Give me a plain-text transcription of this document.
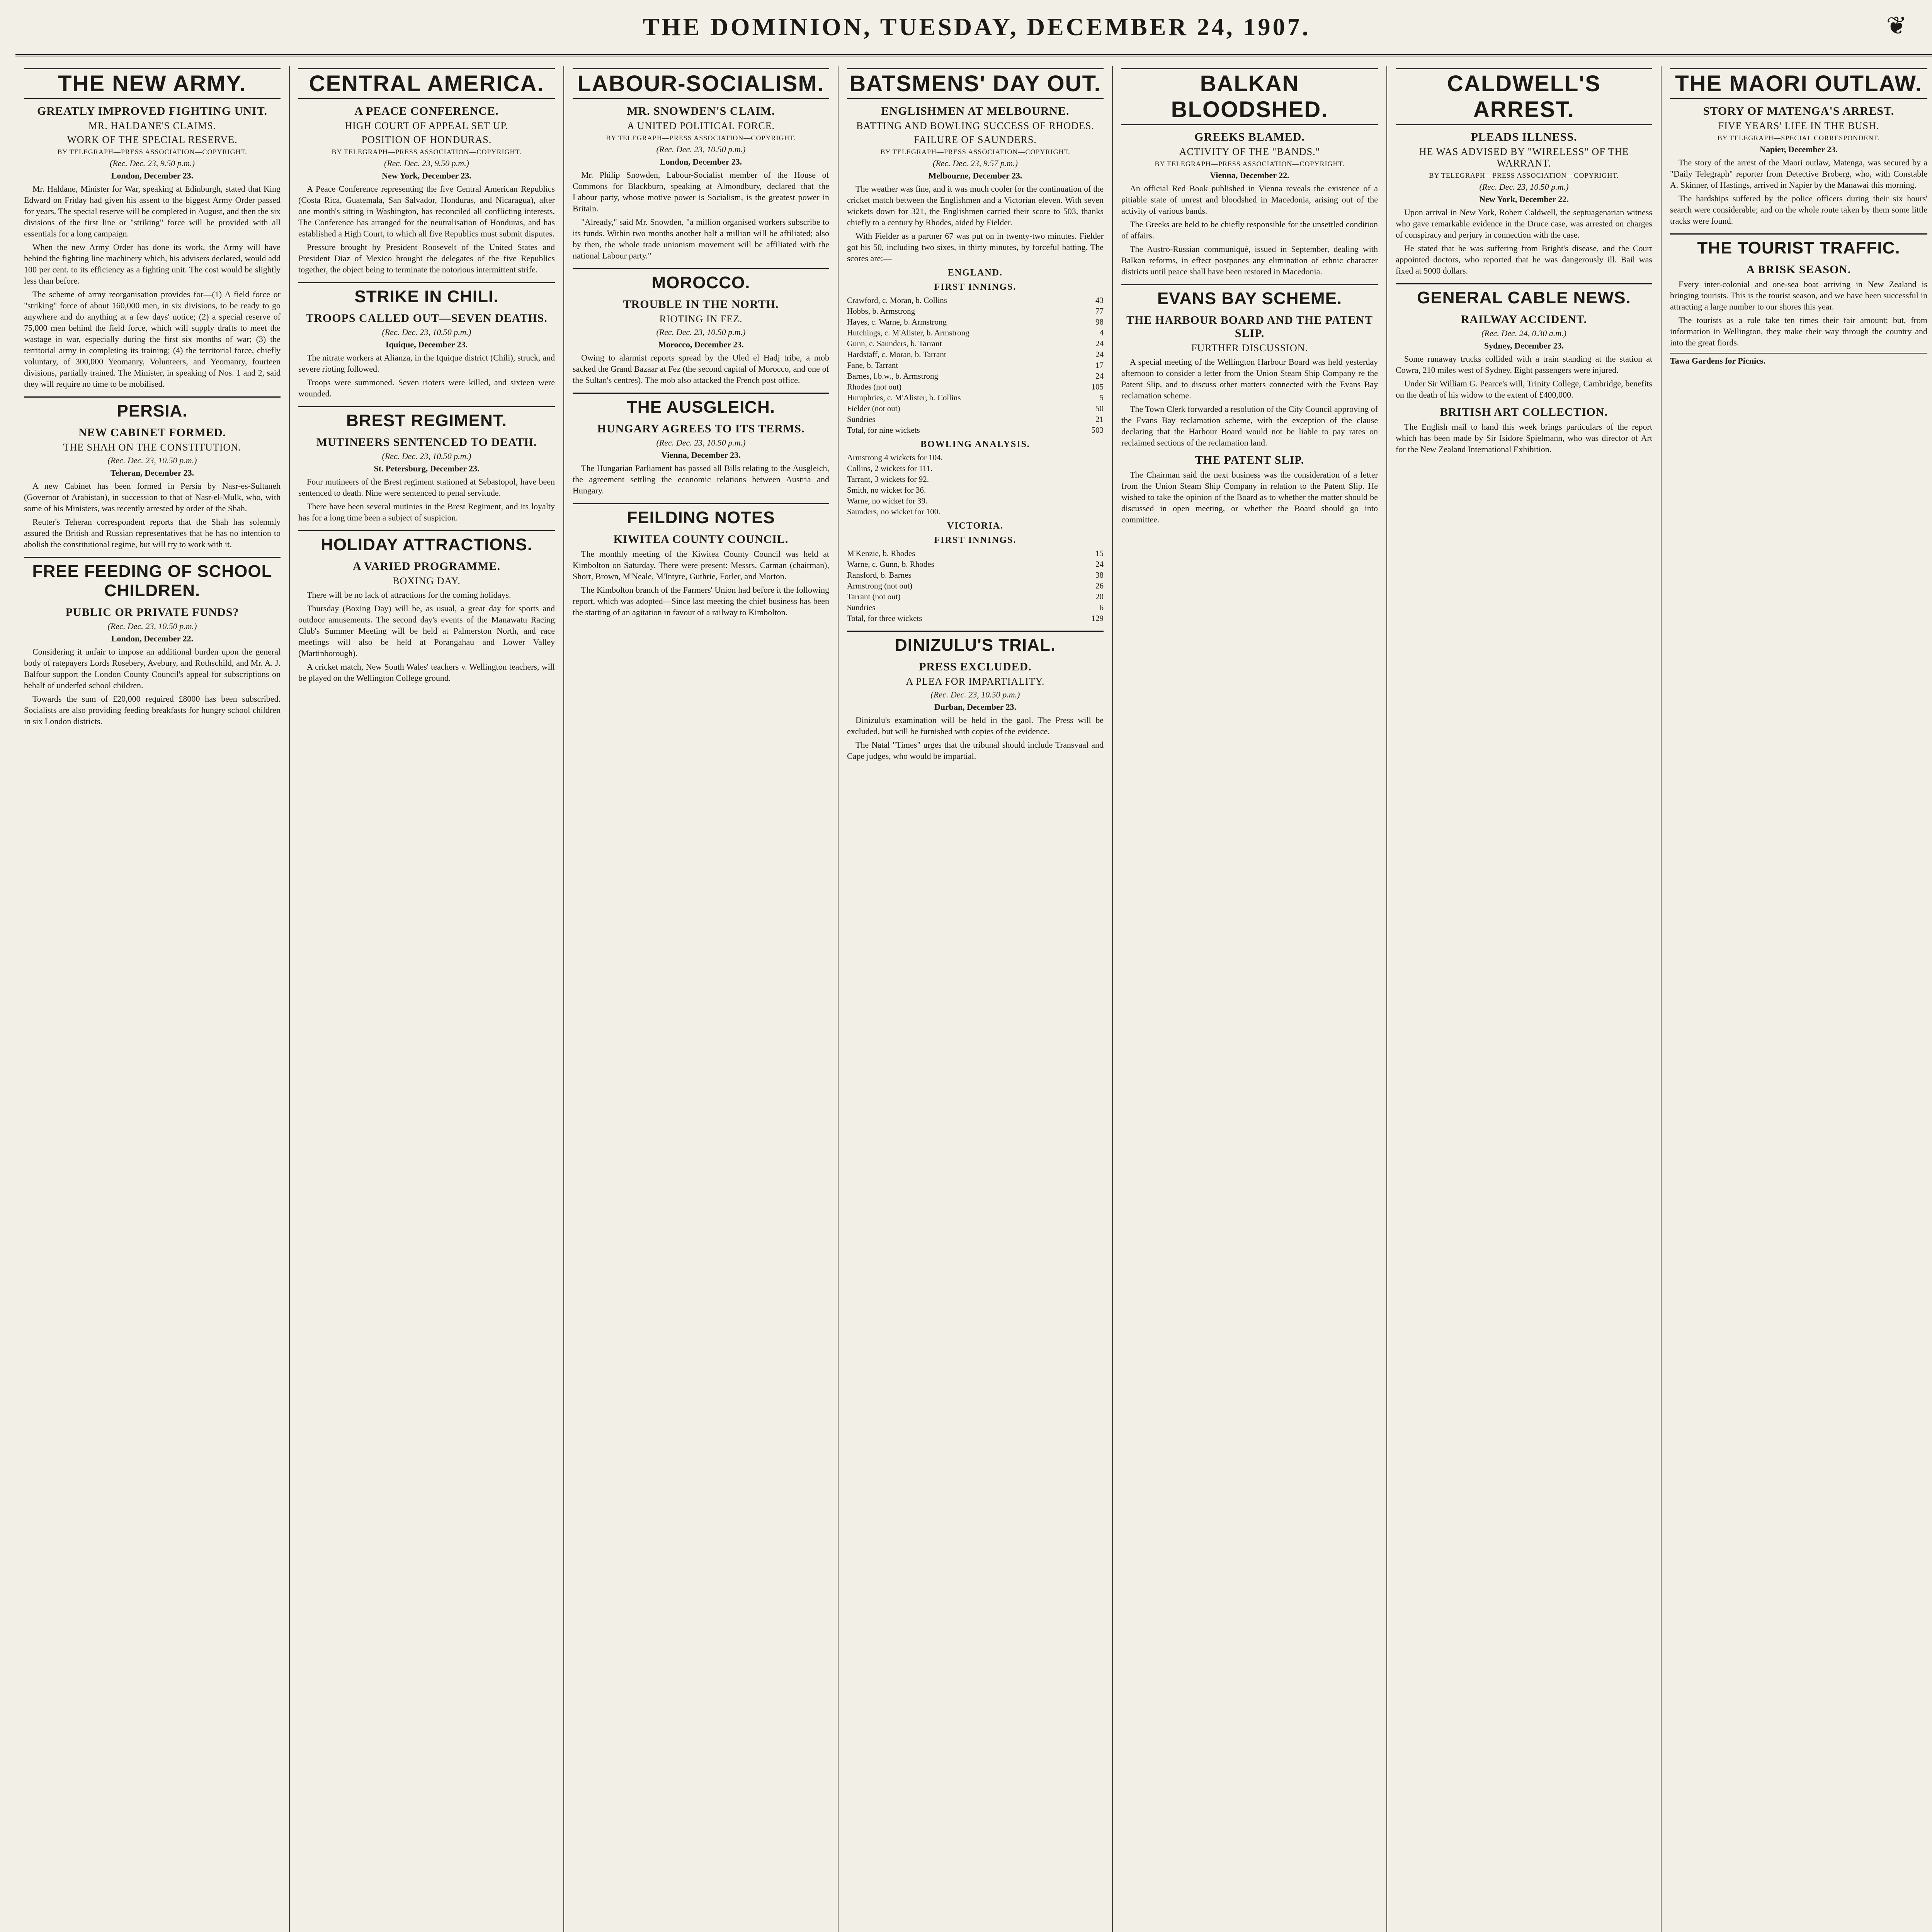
THE DOMINION, TUESDAY, DECEMBER 24, 1907.	❦
THE NEW ARMY.
GREATLY IMPROVED FIGHTING UNIT.
MR. HALDANE'S CLAIMS.
WORK OF THE SPECIAL RESERVE.
BY TELEGRAPH—PRESS ASSOCIATION—COPYRIGHT.
(Rec. Dec. 23, 9.50 p.m.)
London, December 23.

Mr. Haldane, Minister for War, speaking at Edinburgh, stated that King Edward on Friday had given his assent to the biggest Army Order passed for years. The special reserve will be completed in August, and then the six divisions of the first line or "striking" force will be provided with all essentials for a long campaign.

When the new Army Order has done its work, the Army will have behind the fighting line machinery which, his advisers declared, would add 100 per cent. to its efficiency as a fighting unit. The cost would be slightly less than before.

The scheme of army reorganisation provides for—(1) A field force or "striking" force of about 160,000 men, in six divisions, to be ready to go anywhere and do anything at a few days' notice; (2) a special reserve of 75,000 men behind the field force, which will supply drafts to meet the wastage in war, especially during the first six months of war; (3) the territorial army in completing its training; (4) the territorial force, chiefly voluntary, of 300,000 Yeomanry, Volunteers, and Yeomanry, fourteen divisions, partially trained. The Minister, in speaking of Nos. 1 and 2, said they will require no time to be mobilised.

PERSIA.
NEW CABINET FORMED.
THE SHAH ON THE CONSTITUTION.
(Rec. Dec. 23, 10.50 p.m.)
Teheran, December 23.

A new Cabinet has been formed in Persia by Nasr-es-Sultaneh (Governor of Arabistan), in succession to that of Nasr-el-Mulk, who, with some of his Ministers, was recently arrested by order of the Shah.

Reuter's Teheran correspondent reports that the Shah has solemnly assured the British and Russian representatives that he has no intention to abolish the constitutional regime, but will try to work with it.

FREE FEEDING OF SCHOOL CHILDREN.
PUBLIC OR PRIVATE FUNDS?
(Rec. Dec. 23, 10.50 p.m.)
London, December 22.

Considering it unfair to impose an additional burden upon the general body of ratepayers Lords Rosebery, Avebury, and Rothschild, and Mr. A. J. Balfour support the London County Council's appeal for subscriptions on behalf of underfed school children.

Towards the sum of £20,000 required £8000 has been subscribed. Socialists are also providing feeding breakfasts for hungry school children in six London districts.

CENTRAL AMERICA.
A PEACE CONFERENCE.
HIGH COURT OF APPEAL SET UP.
POSITION OF HONDURAS.
BY TELEGRAPH—PRESS ASSOCIATION—COPYRIGHT.
(Rec. Dec. 23, 9.50 p.m.)
New York, December 23.

A Peace Conference representing the five Central American Republics (Costa Rica, Guatemala, San Salvador, Honduras, and Nicaragua), after one month's sitting in Washington, has reconciled all conflicting interests. The Conference has arranged for the neutralisation of Honduras, and has established a High Court, to which all five Republics must submit disputes.

Pressure brought by President Roosevelt of the United States and President Diaz of Mexico brought the delegates of the five Republics together, the object being to terminate the notorious intermittent strife.

STRIKE IN CHILI.
TROOPS CALLED OUT—SEVEN DEATHS.
(Rec. Dec. 23, 10.50 p.m.)
Iquique, December 23.

The nitrate workers at Alianza, in the Iquique district (Chili), struck, and severe rioting followed.

Troops were summoned. Seven rioters were killed, and sixteen were wounded.

BREST REGIMENT.
MUTINEERS SENTENCED TO DEATH.
(Rec. Dec. 23, 10.50 p.m.)
St. Petersburg, December 23.

Four mutineers of the Brest regiment stationed at Sebastopol, have been sentenced to death. Nine were sentenced to penal servitude.

There have been several mutinies in the Brest Regiment, and its loyalty has for a long time been a subject of suspicion.

HOLIDAY ATTRACTIONS.
A VARIED PROGRAMME.
BOXING DAY.

There will be no lack of attractions for the coming holidays.

Thursday (Boxing Day) will be, as usual, a great day for sports and outdoor amusements. The second day's events of the Manawatu Racing Club's Summer Meeting will be held at Palmerston North, and race meetings will also be held at Porangahau and Lower Valley (Martinborough).

A cricket match, New South Wales' teachers v. Wellington teachers, will be played on the Wellington College ground.

LABOUR-SOCIALISM.
MR. SNOWDEN'S CLAIM.
A UNITED POLITICAL FORCE.
BY TELEGRAPH—PRESS ASSOCIATION—COPYRIGHT.
(Rec. Dec. 23, 10.50 p.m.)
London, December 23.

Mr. Philip Snowden, Labour-Socialist member of the House of Commons for Blackburn, speaking at Almondbury, declared that the Labour party, whose motive power is Socialism, is the greatest power in Britain.

"Already," said Mr. Snowden, "a million organised workers subscribe to its funds. Within two months another half a million will be affiliated; also by then, the whole trade unionism movement will be affiliated with the national Labour party."

MOROCCO.
TROUBLE IN THE NORTH.
RIOTING IN FEZ.
(Rec. Dec. 23, 10.50 p.m.)
Morocco, December 23.

Owing to alarmist reports spread by the Uled el Hadj tribe, a mob sacked the Grand Bazaar at Fez (the second capital of Morocco, and one of the Sultan's centres). The mob also attacked the French post office.

THE AUSGLEICH.
HUNGARY AGREES TO ITS TERMS.
(Rec. Dec. 23, 10.50 p.m.)
Vienna, December 23.

The Hungarian Parliament has passed all Bills relating to the Ausgleich, the agreement settling the economic relations between Austria and Hungary.

FEILDING NOTES
KIWITEA COUNTY COUNCIL.

The monthly meeting of the Kiwitea County Council was held at Kimbolton on Saturday. There were present: Messrs. Carman (chairman), Short, Brown, M'Neale, M'Intyre, Guthrie, Forler, and Morton.

The Kimbolton branch of the Farmers' Union had before it the following report, which was adopted—Since last meeting the chief business has been the starting of an agitation in favour of a railway to Kimbolton.

BATSMENS' DAY OUT.
ENGLISHMEN AT MELBOURNE.
BATTING AND BOWLING SUCCESS OF RHODES.
FAILURE OF SAUNDERS.
BY TELEGRAPH—PRESS ASSOCIATION—COPYRIGHT.
(Rec. Dec. 23, 9.57 p.m.)
Melbourne, December 23.

The weather was fine, and it was much cooler for the continuation of the cricket match between the Englishmen and a Victorian eleven. With seven wickets down for 321, the Englishmen carried their score to 503, thanks chiefly to a century by Rhodes, aided by Fielder.

With Fielder as a partner 67 was put on in twenty-two minutes. Fielder got his 50, including two sixes, in thirty minutes, by forceful batting. The scores are:—

ENGLAND.
FIRST INNINGS.
Crawford, c. Moran, b. Collins	43
Hobbs, b. Armstrong	77
Hayes, c. Warne, b. Armstrong	98
Hutchings, c. M'Alister, b. Armstrong	4
Gunn, c. Saunders, b. Tarrant	24
Hardstaff, c. Moran, b. Tarrant	24
Fane, b. Tarrant	17
Barnes, l.b.w., b. Armstrong	24
Rhodes (not out)	105
Humphries, c. M'Alister, b. Collins	5
Fielder (not out)	50
Sundries	21
Total, for nine wickets	503
BOWLING ANALYSIS.
Armstrong 4 wickets for 104.
Collins, 2 wickets for 111.
Tarrant, 3 wickets for 92.
Smith, no wicket for 36.
Warne, no wicket for 39.
Saunders, no wicket for 100.
VICTORIA.
FIRST INNINGS.
M'Kenzie, b. Rhodes	15
Warne, c. Gunn, b. Rhodes	24
Ransford, b. Barnes	38
Armstrong (not out)	26
Tarrant (not out)	20
Sundries	6
Total, for three wickets	129
DINIZULU'S TRIAL.
PRESS EXCLUDED.
A PLEA FOR IMPARTIALITY.
(Rec. Dec. 23, 10.50 p.m.)
Durban, December 23.

Dinizulu's examination will be held in the gaol. The Press will be excluded, but will be furnished with copies of the evidence.

The Natal "Times" urges that the tribunal should include Transvaal and Cape judges, who would be impartial.

BALKAN BLOODSHED.
GREEKS BLAMED.
ACTIVITY OF THE "BANDS."
BY TELEGRAPH—PRESS ASSOCIATION—COPYRIGHT.
Vienna, December 22.

An official Red Book published in Vienna reveals the existence of a pitiable state of unrest and bloodshed in Macedonia, arising out of the activity of various bands.

The Greeks are held to be chiefly responsible for the unsettled condition of affairs.

The Austro-Russian communiqué, issued in September, dealing with Balkan reforms, in effect postpones any elimination of ethnic character districts until peace shall have been restored in Macedonia.

EVANS BAY SCHEME.
THE HARBOUR BOARD AND THE PATENT SLIP.
FURTHER DISCUSSION.

A special meeting of the Wellington Harbour Board was held yesterday afternoon to consider a letter from the Union Steam Ship Company re the Patent Slip, and to discuss other matters connected with the Evans Bay reclamation scheme.

The Town Clerk forwarded a resolution of the City Council approving of the Evans Bay reclamation scheme, with the exception of the clause declaring that the Harbour Board would not be liable to pay rates on reclaimed sections of the reclamation land.

THE PATENT SLIP.

The Chairman said the next business was the consideration of a letter from the Union Steam Ship Company in relation to the Patent Slip. He wished to take the opinion of the Board as to whether the matter should be discussed in open meeting, or whether the Board should go into committee.

CALDWELL'S ARREST.
PLEADS ILLNESS.
HE WAS ADVISED BY "WIRELESS" OF THE WARRANT.
BY TELEGRAPH—PRESS ASSOCIATION—COPYRIGHT.
(Rec. Dec. 23, 10.50 p.m.)
New York, December 22.

Upon arrival in New York, Robert Caldwell, the septuagenarian witness who gave remarkable evidence in the Druce case, was arrested on charges of conspiracy and perjury in connection with the case.

He stated that he was suffering from Bright's disease, and the Court appointed doctors, who reported that he was dangerously ill. Bail was fixed at 5000 dollars.

GENERAL CABLE NEWS.
RAILWAY ACCIDENT.
(Rec. Dec. 24, 0.30 a.m.)
Sydney, December 23.

Some runaway trucks collided with a train standing at the station at Cowra, 210 miles west of Sydney. Eight passengers were injured.

Under Sir William G. Pearce's will, Trinity College, Cambridge, benefits on the death of his widow to the extent of £400,000.

BRITISH ART COLLECTION.

The English mail to hand this week brings particulars of the report which has been made by Sir Isidore Spielmann, who was director of Art for the New Zealand International Exhibition.

THE MAORI OUTLAW.
STORY OF MATENGA'S ARREST.
FIVE YEARS' LIFE IN THE BUSH.
BY TELEGRAPH—SPECIAL CORRESPONDENT.
Napier, December 23.

The story of the arrest of the Maori outlaw, Matenga, was secured by a "Daily Telegraph" reporter from Detective Broberg, who, with Constable A. Skinner, of Hastings, arrived in Napier by the Manawai this morning.

The hardships suffered by the police officers during their six hours' search were considerable; and on the whole route taken by them some little tracks were found.

THE TOURIST TRAFFIC.
A BRISK SEASON.

Every inter-colonial and one-sea boat arriving in New Zealand is bringing tourists. This is the tourist season, and we have been successful in attracting a large number to our shores this year.

The tourists as a rule take ten times their fair amount; but, from information in Wellington, they make their way through the country and into the great fiords.

Tawa Gardens for Picnics.
